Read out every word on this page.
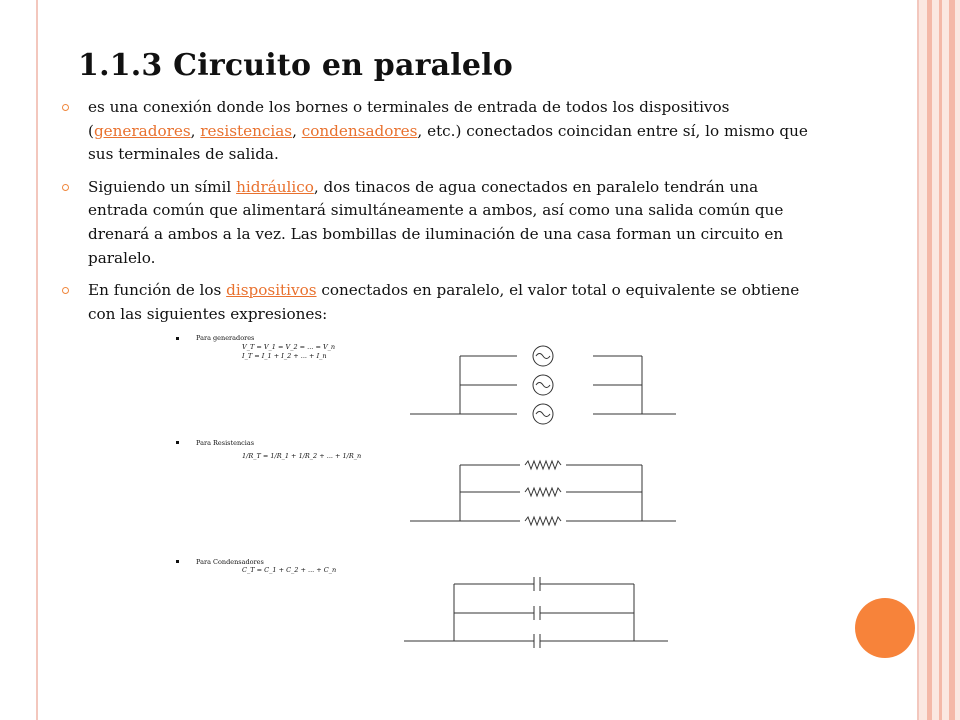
1.1.3 Circuito en paralelo
es una conexión donde los bornes o terminales de entrada de todos los dispositivos (generadores, resistencias, condensadores, etc.) conectados coincidan entre sí, lo mismo que sus terminales de salida.
Siguiendo un símil hidráulico, dos tinacos de agua conectados en paralelo tendrán una entrada común que alimentará simultáneamente a ambos, así como una salida común que drenará a ambos a la vez. Las bombillas de iluminación de una casa forman un circuito en paralelo.
En función de los dispositivos conectados en paralelo, el valor total o equivalente se obtiene con las siguientes expresiones:
Para generadores
V_T = V_1 = V_2 = ... = V_n
I_T = I_1 + I_2 + ... + I_n
Para Resistencias
1/R_T = 1/R_1 + 1/R_2 + ... + 1/R_n
Para Condensadores
C_T = C_1 + C_2 + ... + C_n
